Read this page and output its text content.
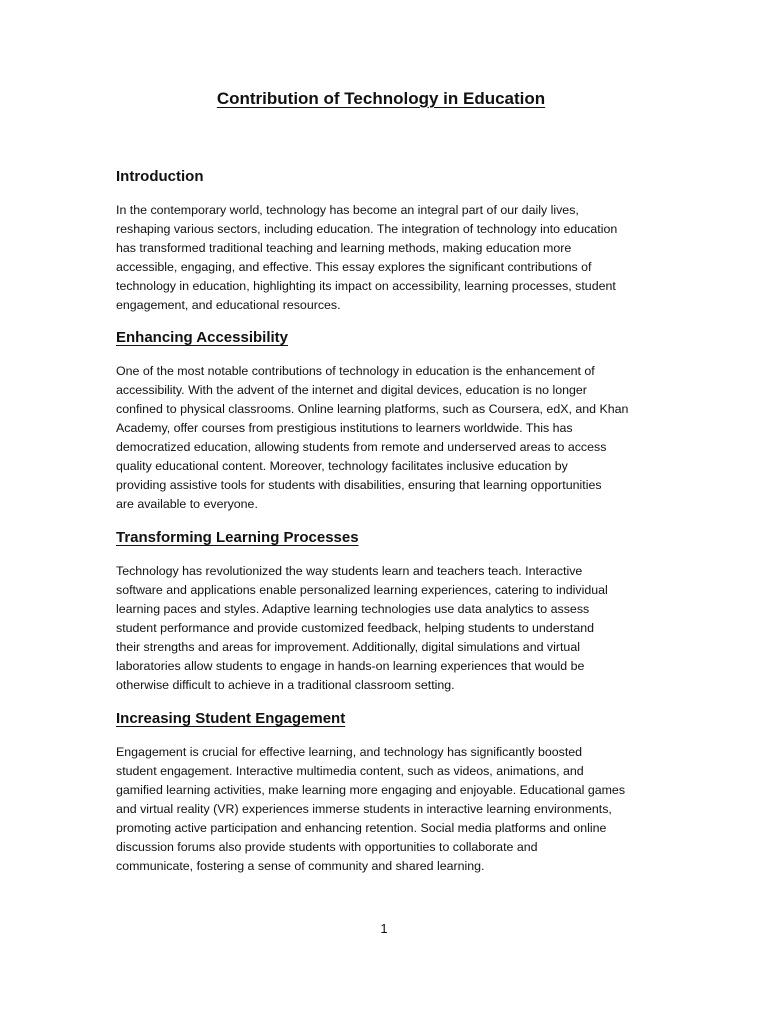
Contribution of Technology in Education
Introduction
In the contemporary world, technology has become an integral part of our daily lives,
reshaping various sectors, including education. The integration of technology into education
has transformed traditional teaching and learning methods, making education more
accessible, engaging, and effective. This essay explores the significant contributions of
technology in education, highlighting its impact on accessibility, learning processes, student
engagement, and educational resources.
Enhancing Accessibility
One of the most notable contributions of technology in education is the enhancement of
accessibility. With the advent of the internet and digital devices, education is no longer
confined to physical classrooms. Online learning platforms, such as Coursera, edX, and Khan
Academy, offer courses from prestigious institutions to learners worldwide. This has
democratized education, allowing students from remote and underserved areas to access
quality educational content. Moreover, technology facilitates inclusive education by
providing assistive tools for students with disabilities, ensuring that learning opportunities
are available to everyone.
Transforming Learning Processes
Technology has revolutionized the way students learn and teachers teach. Interactive
software and applications enable personalized learning experiences, catering to individual
learning paces and styles. Adaptive learning technologies use data analytics to assess
student performance and provide customized feedback, helping students to understand
their strengths and areas for improvement. Additionally, digital simulations and virtual
laboratories allow students to engage in hands-on learning experiences that would be
otherwise difficult to achieve in a traditional classroom setting.
Increasing Student Engagement
Engagement is crucial for effective learning, and technology has significantly boosted
student engagement. Interactive multimedia content, such as videos, animations, and
gamified learning activities, make learning more engaging and enjoyable. Educational games
and virtual reality (VR) experiences immerse students in interactive learning environments,
promoting active participation and enhancing retention. Social media platforms and online
discussion forums also provide students with opportunities to collaborate and
communicate, fostering a sense of community and shared learning.
1
